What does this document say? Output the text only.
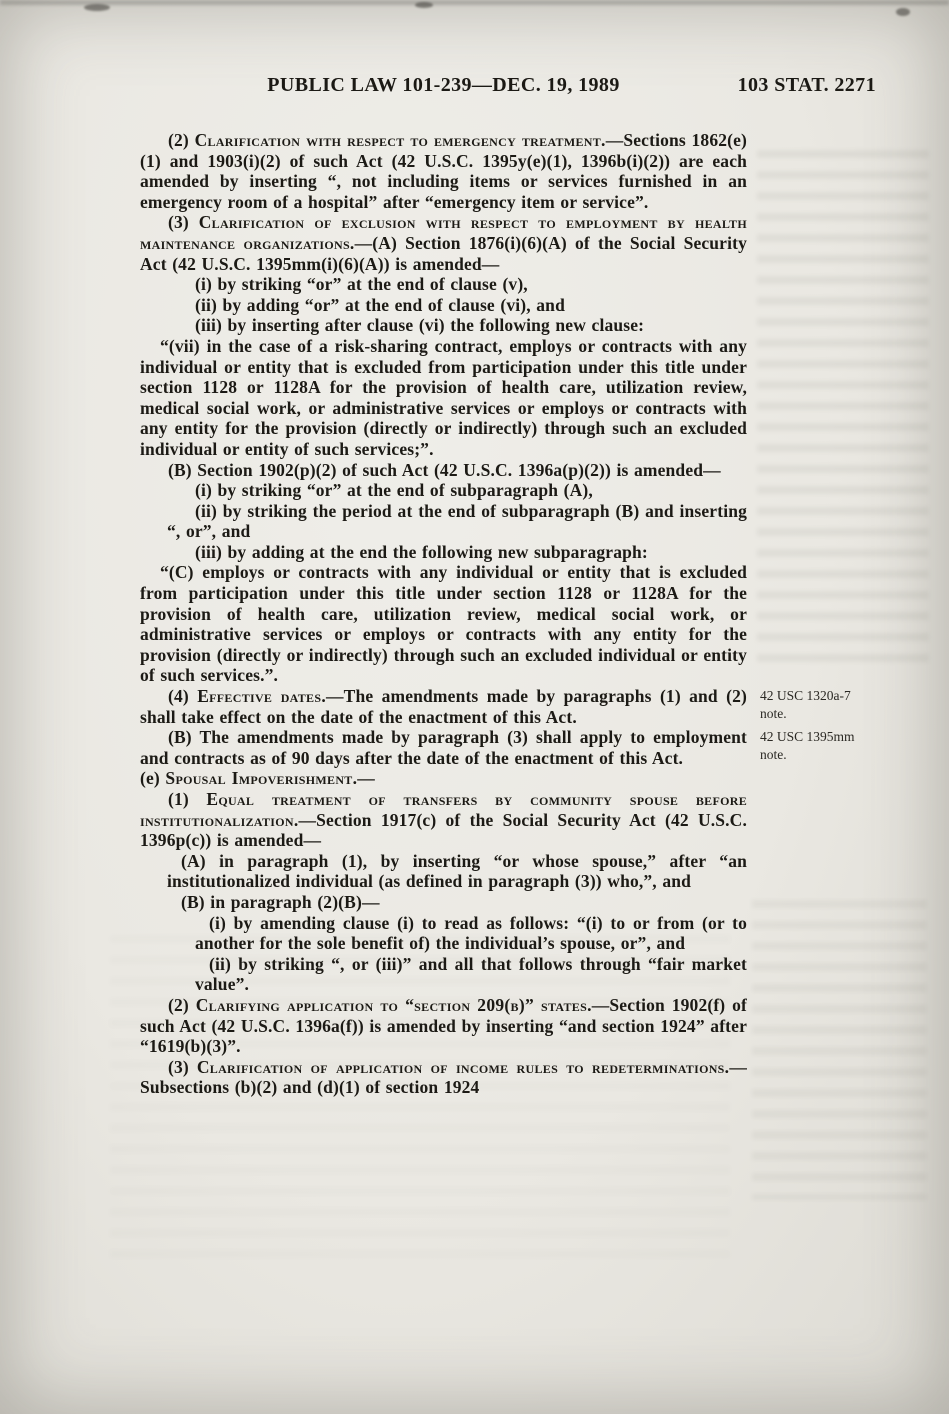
PUBLIC LAW 101-239—DEC. 19, 1989	103 STAT. 2271

(2) Clarification with respect to emergency treatment.—Sections 1862(e)(1) and 1903(i)(2) of such Act (42 U.S.C. 1395y(e)(1), 1396b(i)(2)) are each amended by inserting “, not including items or services furnished in an emergency room of a hospital” after “emergency item or service”.

(3) Clarification of exclusion with respect to employment by health maintenance organizations.—(A) Section 1876(i)(6)(A) of the Social Security Act (42 U.S.C. 1395mm(i)(6)(A)) is amended—

(i) by striking “or” at the end of clause (v),

(ii) by adding “or” at the end of clause (vi), and

(iii) by inserting after clause (vi) the following new clause:

“(vii) in the case of a risk-sharing contract, employs or contracts with any individual or entity that is excluded from participation under this title under section 1128 or 1128A for the provision of health care, utilization review, medical social work, or administrative services or employs or contracts with any entity for the provision (directly or indirectly) through such an excluded individual or entity of such services;”.

(B) Section 1902(p)(2) of such Act (42 U.S.C. 1396a(p)(2)) is amended—

(i) by striking “or” at the end of subparagraph (A),

(ii) by striking the period at the end of subparagraph (B) and inserting “, or”, and

(iii) by adding at the end the following new subparagraph:

“(C) employs or contracts with any individual or entity that is excluded from participation under this title under section 1128 or 1128A for the provision of health care, utilization review, medical social work, or administrative services or employs or contracts with any entity for the provision (directly or indirectly) through such an excluded individual or entity of such services.”.

(4) Effective dates.—The amendments made by paragraphs (1) and (2) shall take effect on the date of the enactment of this Act.
42 USC 1320a-7 note.

(B) The amendments made by paragraph (3) shall apply to employment and contracts as of 90 days after the date of the enactment of this Act.
42 USC 1395mm note.

(e) Spousal Impoverishment.—

(1) Equal treatment of transfers by community spouse before institutionalization.—Section 1917(c) of the Social Security Act (42 U.S.C. 1396p(c)) is amended—

(A) in paragraph (1), by inserting “or whose spouse,” after “an institutionalized individual (as defined in paragraph (3)) who,”, and

(B) in paragraph (2)(B)—

(i) by amending clause (i) to read as follows: “(i) to or from (or to another for the sole benefit of) the individual’s spouse, or”, and

(ii) by striking “, or (iii)” and all that follows through “fair market value”.

(2) Clarifying application to “section 209(b)” states.—Section 1902(f) of such Act (42 U.S.C. 1396a(f)) is amended by inserting “and section 1924” after “1619(b)(3)”.

(3) Clarification of application of income rules to redeterminations.—Subsections (b)(2) and (d)(1) of section 1924
